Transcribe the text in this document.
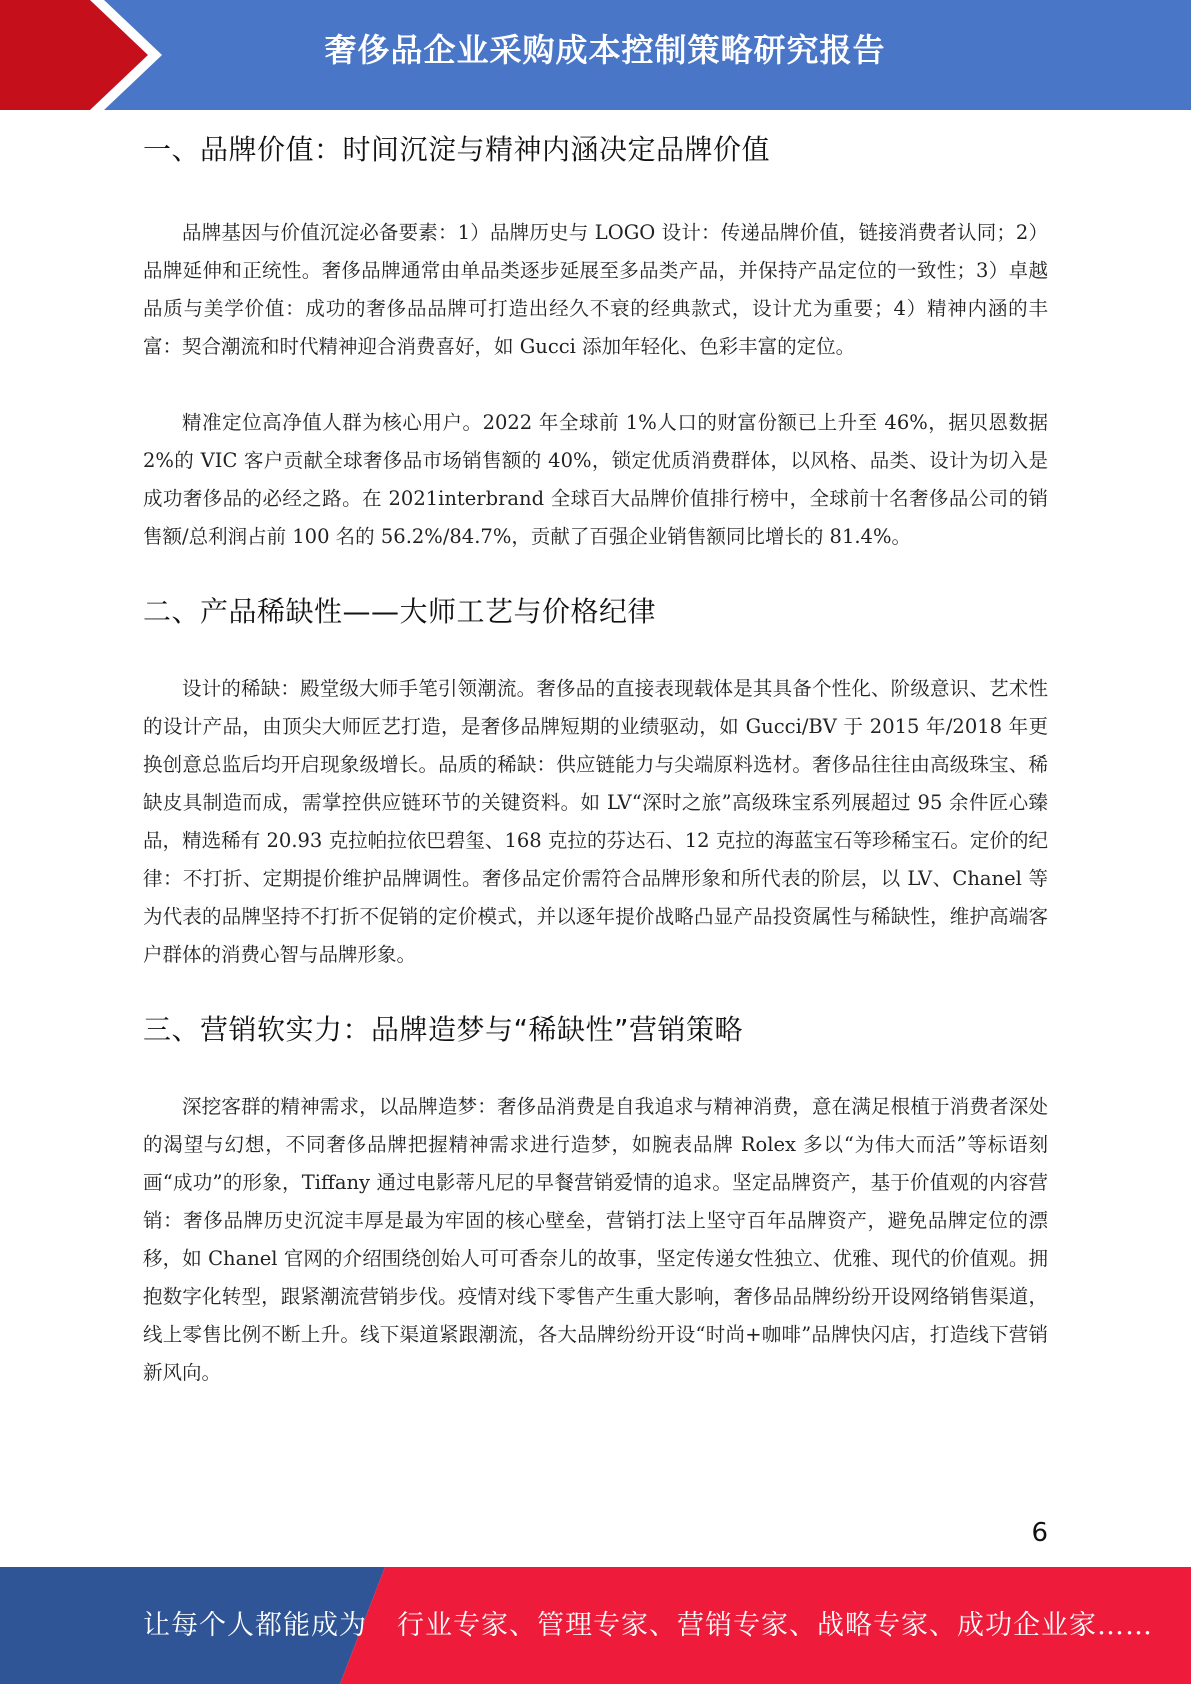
奢侈品企业采购成本控制策略研究报告
一、品牌价值：时间沉淀与精神内涵决定品牌价值

品牌基因与价值沉淀必备要素：1）品牌历史与 LOGO 设计：传递品牌价值，链接消费者认同；2）品牌延伸和正统性。奢侈品牌通常由单品类逐步延展至多品类产品，并保持产品定位的一致性；3）卓越品质与美学价值：成功的奢侈品品牌可打造出经久不衰的经典款式，设计尤为重要；4）精神内涵的丰富：契合潮流和时代精神迎合消费喜好，如 Gucci 添加年轻化、色彩丰富的定位。

精准定位高净值人群为核心用户。2022 年全球前 1%人口的财富份额已上升至 46%，据贝恩数据 2%的 VIC 客户贡献全球奢侈品市场销售额的 40%，锁定优质消费群体，以风格、品类、设计为切入是成功奢侈品的必经之路。在 2021interbrand 全球百大品牌价值排行榜中，全球前十名奢侈品公司的销售额/总利润占前 100 名的 56.2%/84.7%，贡献了百强企业销售额同比增长的 81.4%。

二、产品稀缺性——大师工艺与价格纪律

设计的稀缺：殿堂级大师手笔引领潮流。奢侈品的直接表现载体是其具备个性化、阶级意识、艺术性的设计产品，由顶尖大师匠艺打造，是奢侈品牌短期的业绩驱动，如 Gucci/BV 于 2015 年/2018 年更换创意总监后均开启现象级增长。品质的稀缺：供应链能力与尖端原料选材。奢侈品往往由高级珠宝、稀缺皮具制造而成，需掌控供应链环节的关键资料。如 LV“深时之旅”高级珠宝系列展超过 95 余件匠心臻品，精选稀有 20.93 克拉帕拉依巴碧玺、168 克拉的芬达石、12 克拉的海蓝宝石等珍稀宝石。定价的纪律：不打折、定期提价维护品牌调性。奢侈品定价需符合品牌形象和所代表的阶层，以 LV、Chanel 等为代表的品牌坚持不打折不促销的定价模式，并以逐年提价战略凸显产品投资属性与稀缺性，维护高端客户群体的消费心智与品牌形象。

三、营销软实力：品牌造梦与“稀缺性”营销策略

深挖客群的精神需求，以品牌造梦：奢侈品消费是自我追求与精神消费，意在满足根植于消费者深处的渴望与幻想，不同奢侈品牌把握精神需求进行造梦，如腕表品牌 Rolex 多以“为伟大而活”等标语刻画“成功”的形象，Tiffany 通过电影蒂凡尼的早餐营销爱情的追求。坚定品牌资产，基于价值观的内容营销：奢侈品牌历史沉淀丰厚是最为牢固的核心壁垒，营销打法上坚守百年品牌资产，避免品牌定位的漂移，如 Chanel 官网的介绍围绕创始人可可香奈儿的故事，坚定传递女性独立、优雅、现代的价值观。拥抱数字化转型，跟紧潮流营销步伐。疫情对线下零售产生重大影响，奢侈品品牌纷纷开设网络销售渠道，线上零售比例不断上升。线下渠道紧跟潮流，各大品牌纷纷开设“时尚+咖啡”品牌快闪店，打造线下营销新风向。

6
让每个人都能成为 行业专家、管理专家、营销专家、战略专家、成功企业家……
